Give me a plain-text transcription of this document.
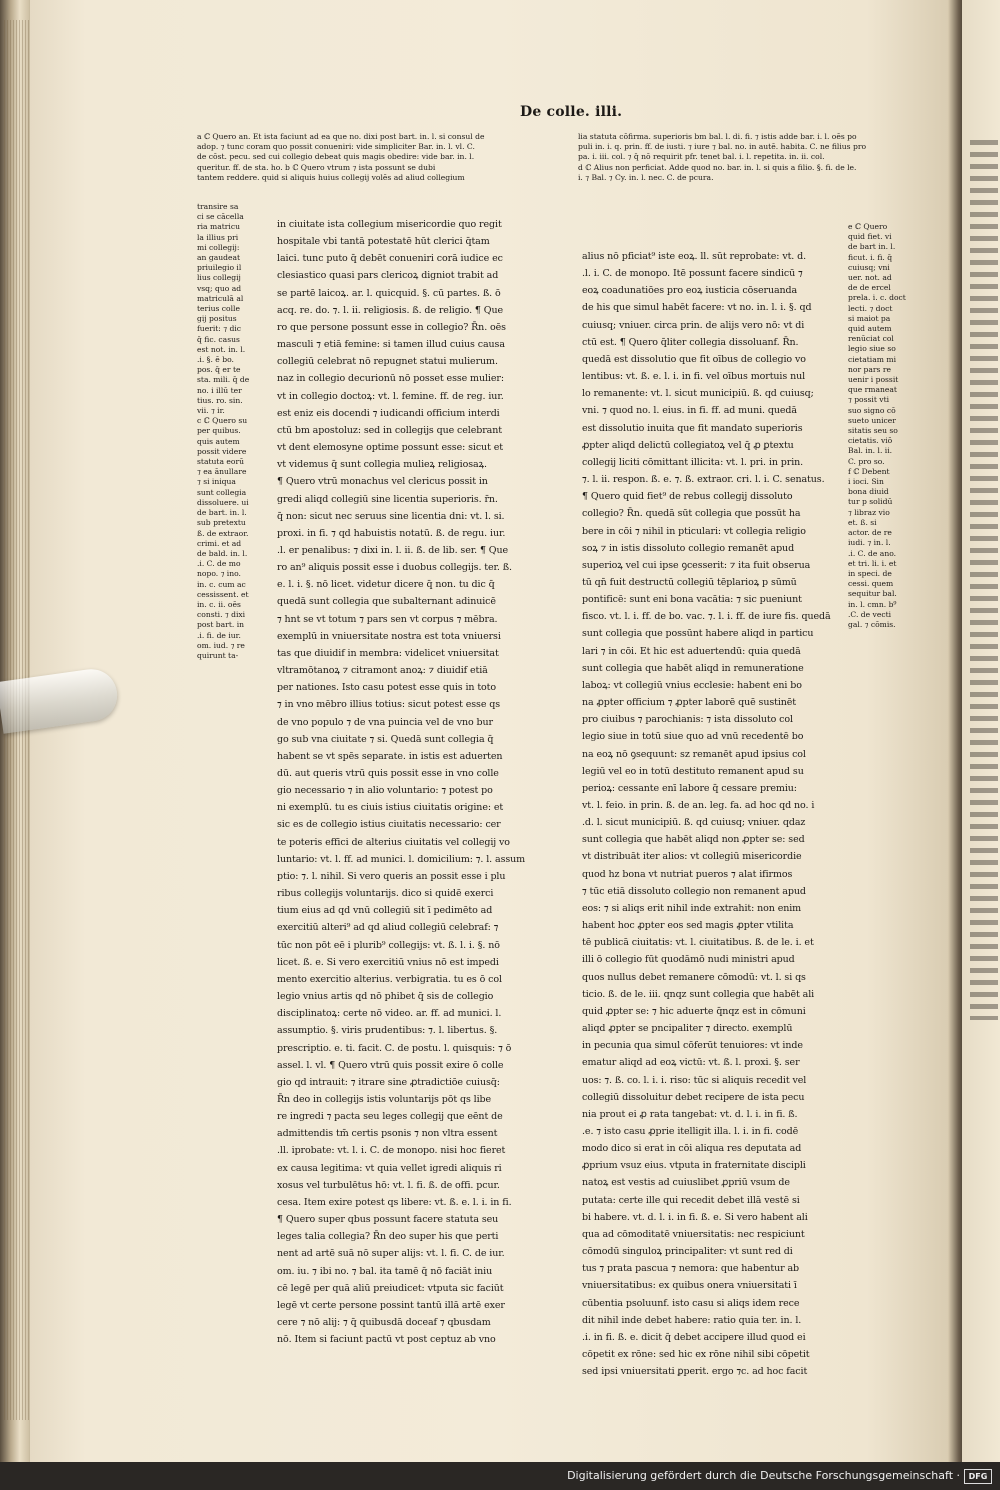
De colle. illi.
a ℂ Quero an. Et ista faciunt ad ea que no. dixi post bart. in. l. si consul de
adop. ⁊ tunc coram quo possit conueniri: vide simpliciter Bar. in. l. vl. C.
de cōst. pecu. sed cui collegio debeat quis magis obedire: vide bar. in. l.
queritur. ff. de sta. ho. b ℂ Quero vtrum ⁊ ista possunt se dubi
tantem reddere. quid si aliquis huius collegij volēs ad aliud collegium
lia statuta cōfirma. superioris bm bal. l. di. fi. ⁊ istis adde bar. i. l. oēs po
puli in. i. q. prin. ff. de iusti. ⁊ iure ⁊ bal. no. in autē. habita. C. ne filius pro
pa. i. iii. col. ⁊ q̄ nō requirit pfr. tenet bal. i. l. repetita. in. ii. col.
d ℂ Alius non perficiat. Adde quod no. bar. in. l. si quis a filio. §. fi. de le.
i. ⁊ Bal. ⁊ Cy. in. l. nec. C. de pcura.
transire sa
ci se cācella
ria matricu
la illius pri
mi collegij:
an gaudeat
priuilegio il
lius collegij
vsq; quo ad
matriculā al
terius colle
gij positus
fuerit: ⁊ dic
q̄ fic. casus
est not. in. l.
.i. §. ē bo.
pos. q̄ er te
sta. mili. q̄ de
no. i illū ter
tius. ro. sin.
vii. ⁊ ir.
c ℂ Quero su
per quibus.
quis autem
possit videre
statuta eorū
⁊ ea ānullare
⁊ si iniqua
sunt collegia
dissoluere. ui
de bart. in. l.
sub pretextu
ß. de extraor.
crimi. et ad
de bald. in. l.
.i. C. de mo
nopo. ⁊ ino.
in. c. cum ac
cessissent. et
in. c. ii. oēs
consti. ⁊ dixi
post bart. in
.i. fi. de iur.
om. iud. ⁊ re
quirunt ta-
e ℂ Quero
quid fiet. vi
de bart in. l.
ficut. i. fi. q̄
cuiusq; vni
uer. not. ad
de de ercel
prela. i. c. doct
lecti. ⁊ doct
si maiot pa
quid autem
renūciat col
legio siue so
cietatiam mi
nor pars re
uenir i possit
que rmaneat
⁊ possit vti
suo signo cō
sueto unicer
sitatis seu so
cietatis. viō
Bal. in. l. ii.
C. pro so.
f ℂ Debent
i ioci. Sin
bona diuid
tur p solidū
⁊ libraz vio
et. ß. si
actor. de re
iudi. ⁊ in. l.
.i. C. de ano.
et tri. li. i. et
in speci. de
cessi. quem
sequitur bal.
in. l. cmn. b⁹
.C. de vecti
gal. ⁊ cōmis.
in ciuitate ista collegium misericordie quo regit
hospitale vbi tantā potestatē hūt clerici q̄tam
laici. tunc puto q̄ debēt conueniri corā iudice ec
clesiastico quasi pars clericoꝝ digniot trabit ad
se partē laicoꝝ. ar. l. quicquid. §. cū partes. ß. ō
acq. re. do. ⁊. l. ii. religiosis. ß. de religio. ¶ Que
ro que persone possunt esse in collegio? R̄n. oēs
masculi ⁊ etiā femine: si tamen illud cuius causa
collegiū celebrat nō repugnet statui mulierum.
naz in collegio decurionū nō posset esse mulier:
vt in collegio doctoꝝ: vt. l. femine. ff. de reg. iur.
est eniz eis docendi ⁊ iudicandi officium interdi
ctū bm apostoluz: sed in collegijs que celebrant
vt dent elemosyne optime possunt esse: sicut et
vt videmus q̄ sunt collegia mulieꝝ religiosaꝝ.
¶ Quero vtrū monachus vel clericus possit in
gredi aliqd collegiū sine licentia superioris. r̄n.
q̄ non: sicut nec seruus sine licentia dni: vt. l. si.
proxi. in fi. ⁊ qd habuistis notatū. ß. de regu. iur.
.l. er penalibus: ⁊ dixi in. l. ii. ß. de lib. ser. ¶ Que
ro an⁹ aliquis possit esse i duobus collegijs. ter. ß.
e. l. i. §. nō licet. videtur dicere q̄ non. tu dic q̄
quedā sunt collegia que subalternant adinuicē
⁊ hnt se vt totum ⁊ pars sen vt corpus ⁊ mēbra.
exemplū in vniuersitate nostra est tota vniuersi
tas que diuidif in membra: videlicet vniuersitat
vltramōtanoꝝ ⁊ citramont anoꝝ: ⁊ diuidif etiā
per nationes. Isto casu potest esse quis in toto
⁊ in vno mēbro illius totius: sicut potest esse qs
de vno populo ⁊ de vna puincia vel de vno bur
go sub vna ciuitate ⁊ si. Quedā sunt collegia q̄
habent se vt spēs separate. in istis est aduerten
dū. aut queris vtrū quis possit esse in vno colle
gio necessario ⁊ in alio voluntario: ⁊ potest po
ni exemplū. tu es ciuis istius ciuitatis origine: et
sic es de collegio istius ciuitatis necessario: cer
te poteris effici de alterius ciuitatis vel collegij vo
luntario: vt. l. ff. ad munici. l. domicilium: ⁊. l. assum
ptio: ⁊. l. nihil. Si vero queris an possit esse i plu
ribus collegijs voluntarijs. dico si quidē exerci
tium eius ad qd vnū collegiū sit ī pedimēto ad
exercitiū alteri⁹ ad qd aliud collegiū celebraf: ⁊
tūc non pōt eē i plurib⁹ collegijs: vt. ß. l. i. §. nō
licet. ß. e. Si vero exercitiū vnius nō est impedi
mento exercitio alterius. verbigratia. tu es ō col
legio vnius artis qd nō phibet q̄ sis de collegio
disciplinatoꝝ: certe nō video. ar. ff. ad munici. l.
assumptio. §. viris prudentibus: ⁊. l. libertus. §.
prescriptio. e. ti. facit. C. de postu. l. quisquis: ⁊ ō
assel. l. vl. ¶ Quero vtrū quis possit exire ō colle
gio qd intrauit: ⁊ itrare sine ꝓtradictiōe cuiusq̄:
R̄n deo in collegijs istis voluntarijs pōt qs libe
re ingredi ⁊ pacta seu leges collegij que eēnt de
admittendis tm̄ certis psonis ⁊ non vltra essent
.ll. iprobate: vt. l. i. C. de monopo. nisi hoc fieret
ex causa legitima: vt quia vellet igredi aliquis ri
xosus vel turbulētus hō: vt. l. fi. ß. de offi. pcur.
cesa. Item exire potest qs libere: vt. ß. e. l. i. in fi.
¶ Quero super qbus possunt facere statuta seu
leges talia collegia? R̄n deo super his que perti
nent ad artē suā nō super alijs: vt. l. fi. C. de iur.
om. iu. ⁊ ibi no. ⁊ bal. ita tamē q̄ nō faciāt iniu
cē legē per quā aliū preiudicet: vtputa sic faciūt
legē vt certe persone possint tantū illā artē exer
cere ⁊ nō alij: ⁊ q̄ quibusdā doceaf ⁊ qbusdam
nō. Item si faciunt pactū vt post ceptuz ab vno
alius nō pficiat⁹ iste eoꝝ. ll. sūt reprobate: vt. d.
.l. i. C. de monopo. Itē possunt facere sindicū ⁊
eoꝝ coadunatiōes pro eoꝝ iusticia cōseruanda
de his que simul habēt facere: vt no. in. l. i. §. qd
cuiusq; vniuer. circa prin. de alijs vero nō: vt di
ctū est. ¶ Quero q̄liter collegia dissoluanf. R̄n.
quedā est dissolutio que fit oībus de collegio vo
lentibus: vt. ß. e. l. i. in fi. vel oībus mortuis nul
lo remanente: vt. l. sicut municipiū. ß. qd cuiusq;
vni. ⁊ quod no. l. eius. in fi. ff. ad muni. quedā
est dissolutio inuita que fit mandato superioris
ꝓpter aliqd delictū collegiatoꝝ vel q̄ ꝓ ꝑtextu
collegij liciti cōmittant illicita: vt. l. pri. in prin.
⁊. l. ii. respon. ß. e. ⁊. ß. extraor. cri. l. i. C. senatus.
¶ Quero quid fiet⁹ de rebus collegij dissoluto
collegio? R̄n. quedā sūt collegia que possūt ha
bere in cōi ⁊ nihil in pticulari: vt collegia religio
soꝝ ⁊ in istis dissoluto collegio remanēt apud
superioꝝ vel cui ipse ꝯcesserit: ⁊ ita fuit obserua
tū qn̄ fuit destructū collegiū tēplarioꝝ p sūmū
pontificē: sunt eni bona vacātia: ⁊ sic pueniunt
fisco. vt. l. i. ff. de bo. vac. ⁊. l. i. ff. de iure fis. quedā
sunt collegia que possūnt habere aliqd in particu
lari ⁊ in cōi. Et hic est aduertendū: quia quedā
sunt collegia que habēt aliqd in remuneratione
laboꝝ: vt collegiū vnius ecclesie: habent eni bo
na ꝓpter officium ⁊ ꝓpter laborē quē sustinēt
pro ciuibus ⁊ parochianis: ⁊ ista dissoluto col
legio siue in totū siue quo ad vnū recedentē bo
na eoꝝ nō ꝯsequunt: sz remanēt apud ipsius col
legiū vel eo in totū destituto remanent apud su
perioꝝ: cessante enī labore q̄ cessare premiu:
vt. l. feio. in prin. ß. de an. leg. fa. ad hoc qd no. i
.d. l. sicut municipiū. ß. qd cuiusq; vniuer. qdaz
sunt collegia que habēt aliqd non ꝓpter se: sed
vt distribuāt iter alios: vt collegiū misericordie
quod hz bona vt nutriat pueros ⁊ alat ifirmos
⁊ tūc etiā dissoluto collegio non remanent apud
eos: ⁊ si aliqs erit nihil inde extrahit: non enim
habent hoc ꝓpter eos sed magis ꝓpter vtilita
tē publicā ciuitatis: vt. l. ciuitatibus. ß. de le. i. et
illi ō collegio fūt quodāmō nudi ministri apud
quos nullus debet remanere cōmodū: vt. l. si qs
ticio. ß. de le. iii. qnqz sunt collegia que habēt ali
quid ꝓpter se: ⁊ hic aduerte q̄nqz est in cōmuni
aliqd ꝓpter se pncipaliter ⁊ directo. exemplū
in pecunia qua simul cōferūt tenuiores: vt inde
ematur aliqd ad eoꝝ victū: vt. ß. l. proxi. §. ser
uos: ⁊. ß. co. l. i. i. riso: tūc si aliquis recedit vel
collegiū dissoluitur debet recipere de ista pecu
nia prout ei ꝓ rata tangebat: vt. d. l. i. in fi. ß.
.e. ⁊ isto casu ꝓprie itelligit illa. l. i. in fi. codē
modo dico si erat in cōi aliqua res deputata ad
ꝓprium vsuz eius. vtputa in fraternitate discipli
natoꝝ est vestis ad cuiuslibet ꝓpriū vsum de
putata: certe ille qui recedit debet illā vestē si
bi habere. vt. d. l. i. in fi. ß. e. Si vero habent ali
qua ad cōmoditatē vniuersitatis: nec respiciunt
cōmodū singuloꝝ principaliter: vt sunt red di
tus ⁊ prata pascua ⁊ nemora: que habentur ab
vniuersitatibus: ex quibus onera vniuersitati ī
cūbentia psoluunf. isto casu si aliqs idem rece
dit nihil inde debet habere: ratio quia ter. in. l.
.i. in fi. ß. e. dicit q̄ debet accipere illud quod ei
cōpetit ex rōne: sed hic ex rōne nihil sibi cōpetit
sed ipsi vniuersitati ꝑperit. ergo ⁊c. ad hoc facit
Digitalisierung gefördert durch die Deutsche Forschungsgemeinschaft ·	DFG
